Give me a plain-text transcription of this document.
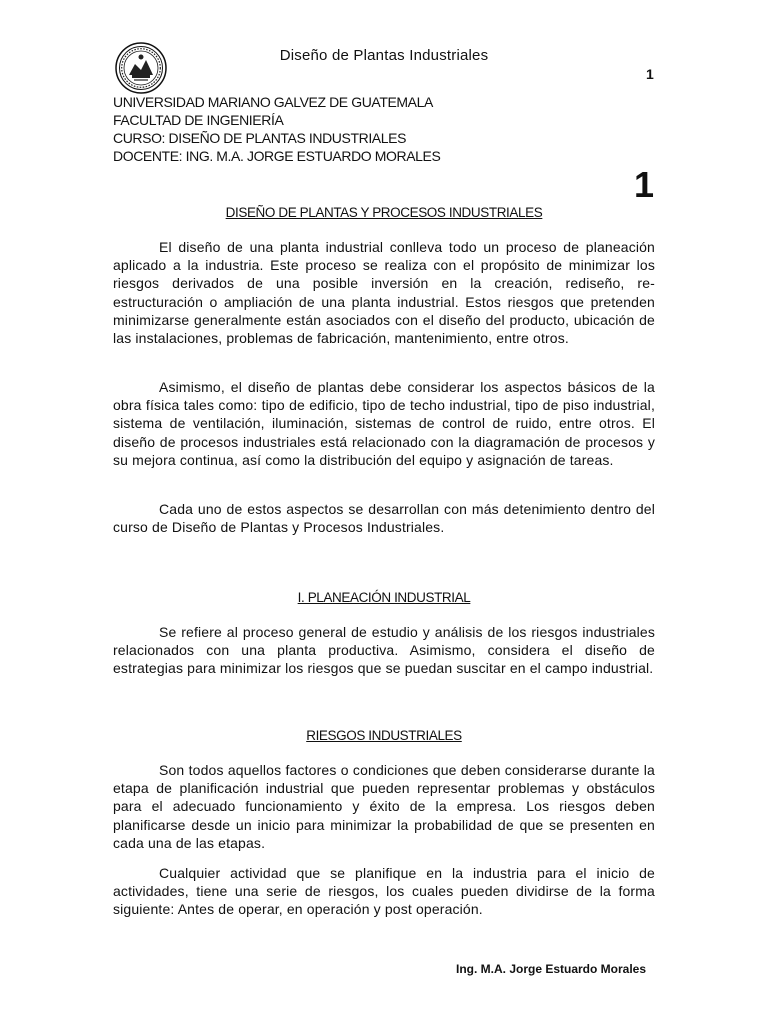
Diseño de Plantas Industriales
1
UNIVERSIDAD MARIANO GALVEZ DE GUATEMALA
FACULTAD DE INGENIERÍA
CURSO: DISEÑO DE PLANTAS INDUSTRIALES
DOCENTE: ING. M.A. JORGE ESTUARDO MORALES
1
DISEÑO DE PLANTAS Y PROCESOS INDUSTRIALES
El diseño de una planta industrial conlleva todo un proceso de planeación aplicado a la industria. Este proceso se realiza con el propósito de minimizar los riesgos derivados de una posible inversión en la creación, rediseño, re-estructuración o ampliación de una planta industrial. Estos riesgos que pretenden minimizarse generalmente están asociados con el diseño del producto, ubicación de las instalaciones, problemas de fabricación, mantenimiento, entre otros.
Asimismo, el diseño de plantas debe considerar los aspectos básicos de la obra física tales como: tipo de edificio, tipo de techo industrial, tipo de piso industrial, sistema de ventilación, iluminación, sistemas de control de ruido, entre otros. El diseño de procesos industriales está relacionado con la diagramación de procesos y su mejora continua, así como la distribución del equipo y asignación de tareas.
Cada uno de estos aspectos se desarrollan con más detenimiento dentro del curso de Diseño de Plantas y Procesos Industriales.
I. PLANEACIÓN INDUSTRIAL
Se refiere al proceso general de estudio y análisis de los riesgos industriales relacionados con una planta productiva. Asimismo, considera el diseño de estrategias para minimizar los riesgos que se puedan suscitar en el campo industrial.
RIESGOS INDUSTRIALES
Son todos aquellos factores o condiciones que deben considerarse durante la etapa de planificación industrial que pueden representar problemas y obstáculos para el adecuado funcionamiento y éxito de la empresa. Los riesgos deben planificarse desde un inicio para minimizar la probabilidad de que se presenten en cada una de las etapas.
Cualquier actividad que se planifique en la industria para el inicio de actividades, tiene una serie de riesgos, los cuales pueden dividirse de la forma siguiente: Antes de operar, en operación y post operación.
Ing. M.A. Jorge Estuardo Morales
